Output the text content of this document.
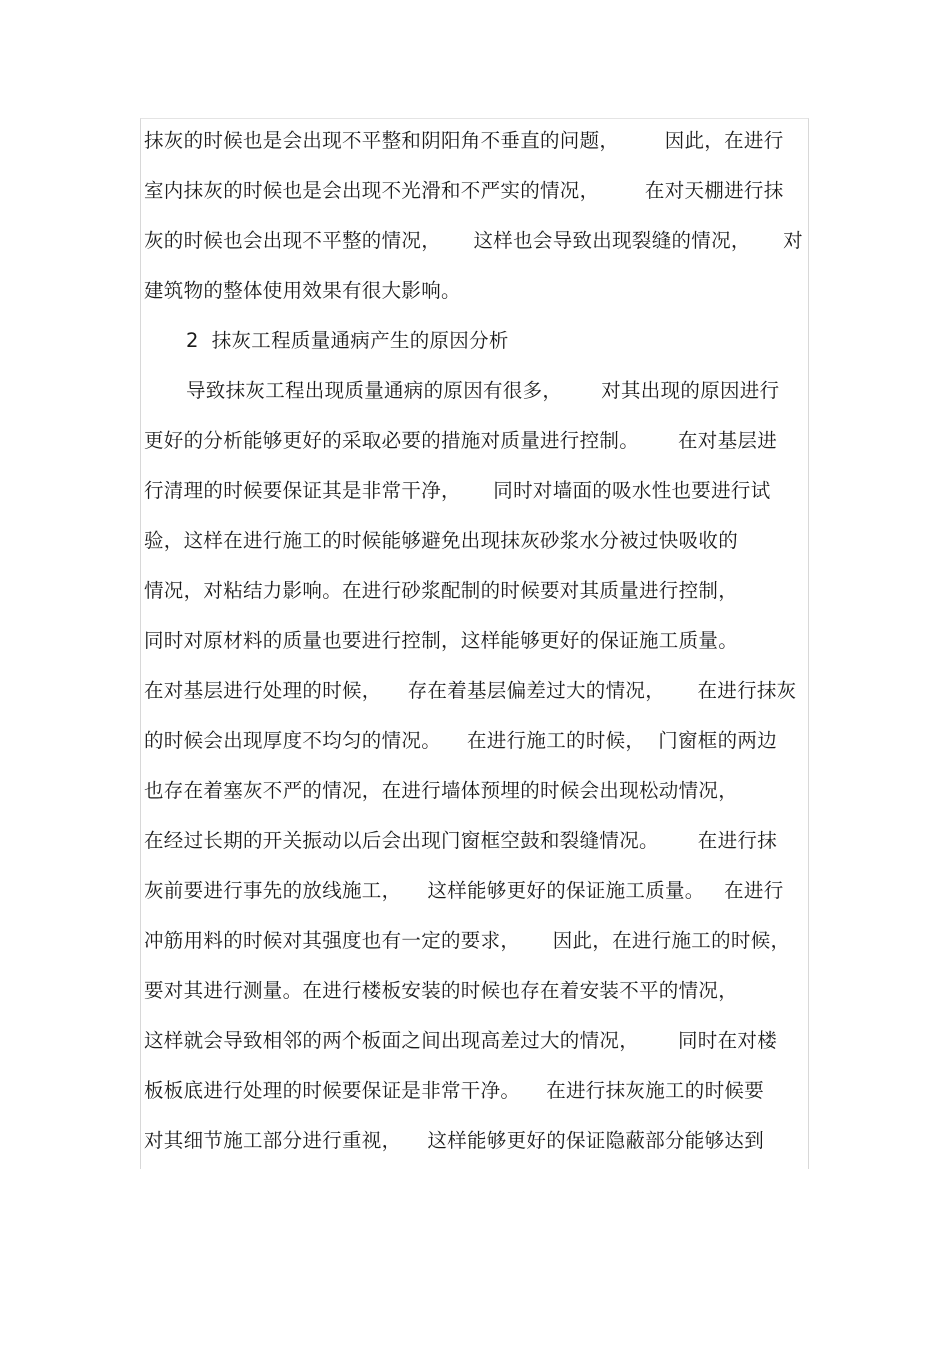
抹灰的时候也是会出现不平整和阴阳角不垂直的问题，       因此，在进行
室内抹灰的时候也是会出现不光滑和不严实的情况，       在对天棚进行抹
灰的时候也会出现不平整的情况，     这样也会导致出现裂缝的情况，     对
建筑物的整体使用效果有很大影响。
2  抹灰工程质量通病产生的原因分析
导致抹灰工程出现质量通病的原因有很多，      对其出现的原因进行
更好的分析能够更好的采取必要的措施对质量进行控制。      在对基层进
行清理的时候要保证其是非常干净，     同时对墙面的吸水性也要进行试
验，这样在进行施工的时候能够避免出现抹灰砂浆水分被过快吸收的
情况，对粘结力影响。在进行砂浆配制的时候要对其质量进行控制，
同时对原材料的质量也要进行控制，这样能够更好的保证施工质量。
在对基层进行处理的时候，    存在着基层偏差过大的情况，     在进行抹灰
的时候会出现厚度不均匀的情况。    在进行施工的时候，  门窗框的两边
也存在着塞灰不严的情况，在进行墙体预埋的时候会出现松动情况，
在经过长期的开关振动以后会出现门窗框空鼓和裂缝情况。      在进行抹
灰前要进行事先的放线施工，    这样能够更好的保证施工质量。   在进行
冲筋用料的时候对其强度也有一定的要求，     因此，在进行施工的时候，
要对其进行测量。在进行楼板安装的时候也存在着安装不平的情况，
这样就会导致相邻的两个板面之间出现高差过大的情况，      同时在对楼
板板底进行处理的时候要保证是非常干净。    在进行抹灰施工的时候要
对其细节施工部分进行重视，    这样能够更好的保证隐蔽部分能够达到
